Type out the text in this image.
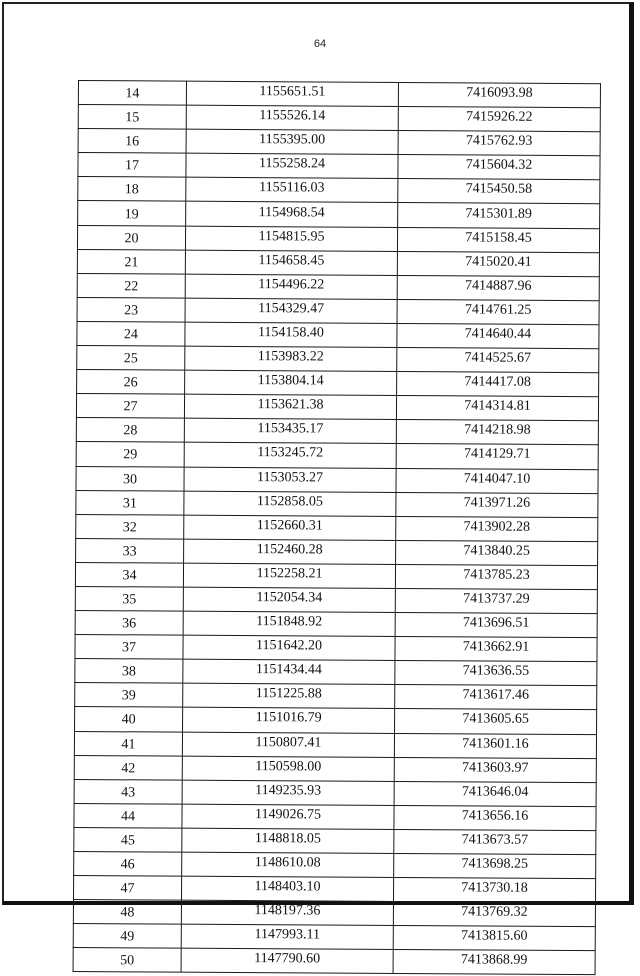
64
14	1155651.51	7416093.98
15	1155526.14	7415926.22
16	1155395.00	7415762.93
17	1155258.24	7415604.32
18	1155116.03	7415450.58
19	1154968.54	7415301.89
20	1154815.95	7415158.45
21	1154658.45	7415020.41
22	1154496.22	7414887.96
23	1154329.47	7414761.25
24	1154158.40	7414640.44
25	1153983.22	7414525.67
26	1153804.14	7414417.08
27	1153621.38	7414314.81
28	1153435.17	7414218.98
29	1153245.72	7414129.71
30	1153053.27	7414047.10
31	1152858.05	7413971.26
32	1152660.31	7413902.28
33	1152460.28	7413840.25
34	1152258.21	7413785.23
35	1152054.34	7413737.29
36	1151848.92	7413696.51
37	1151642.20	7413662.91
38	1151434.44	7413636.55
39	1151225.88	7413617.46
40	1151016.79	7413605.65
41	1150807.41	7413601.16
42	1150598.00	7413603.97
43	1149235.93	7413646.04
44	1149026.75	7413656.16
45	1148818.05	7413673.57
46	1148610.08	7413698.25
47	1148403.10	7413730.18
48	1148197.36	7413769.32
49	1147993.11	7413815.60
50	1147790.60	7413868.99
